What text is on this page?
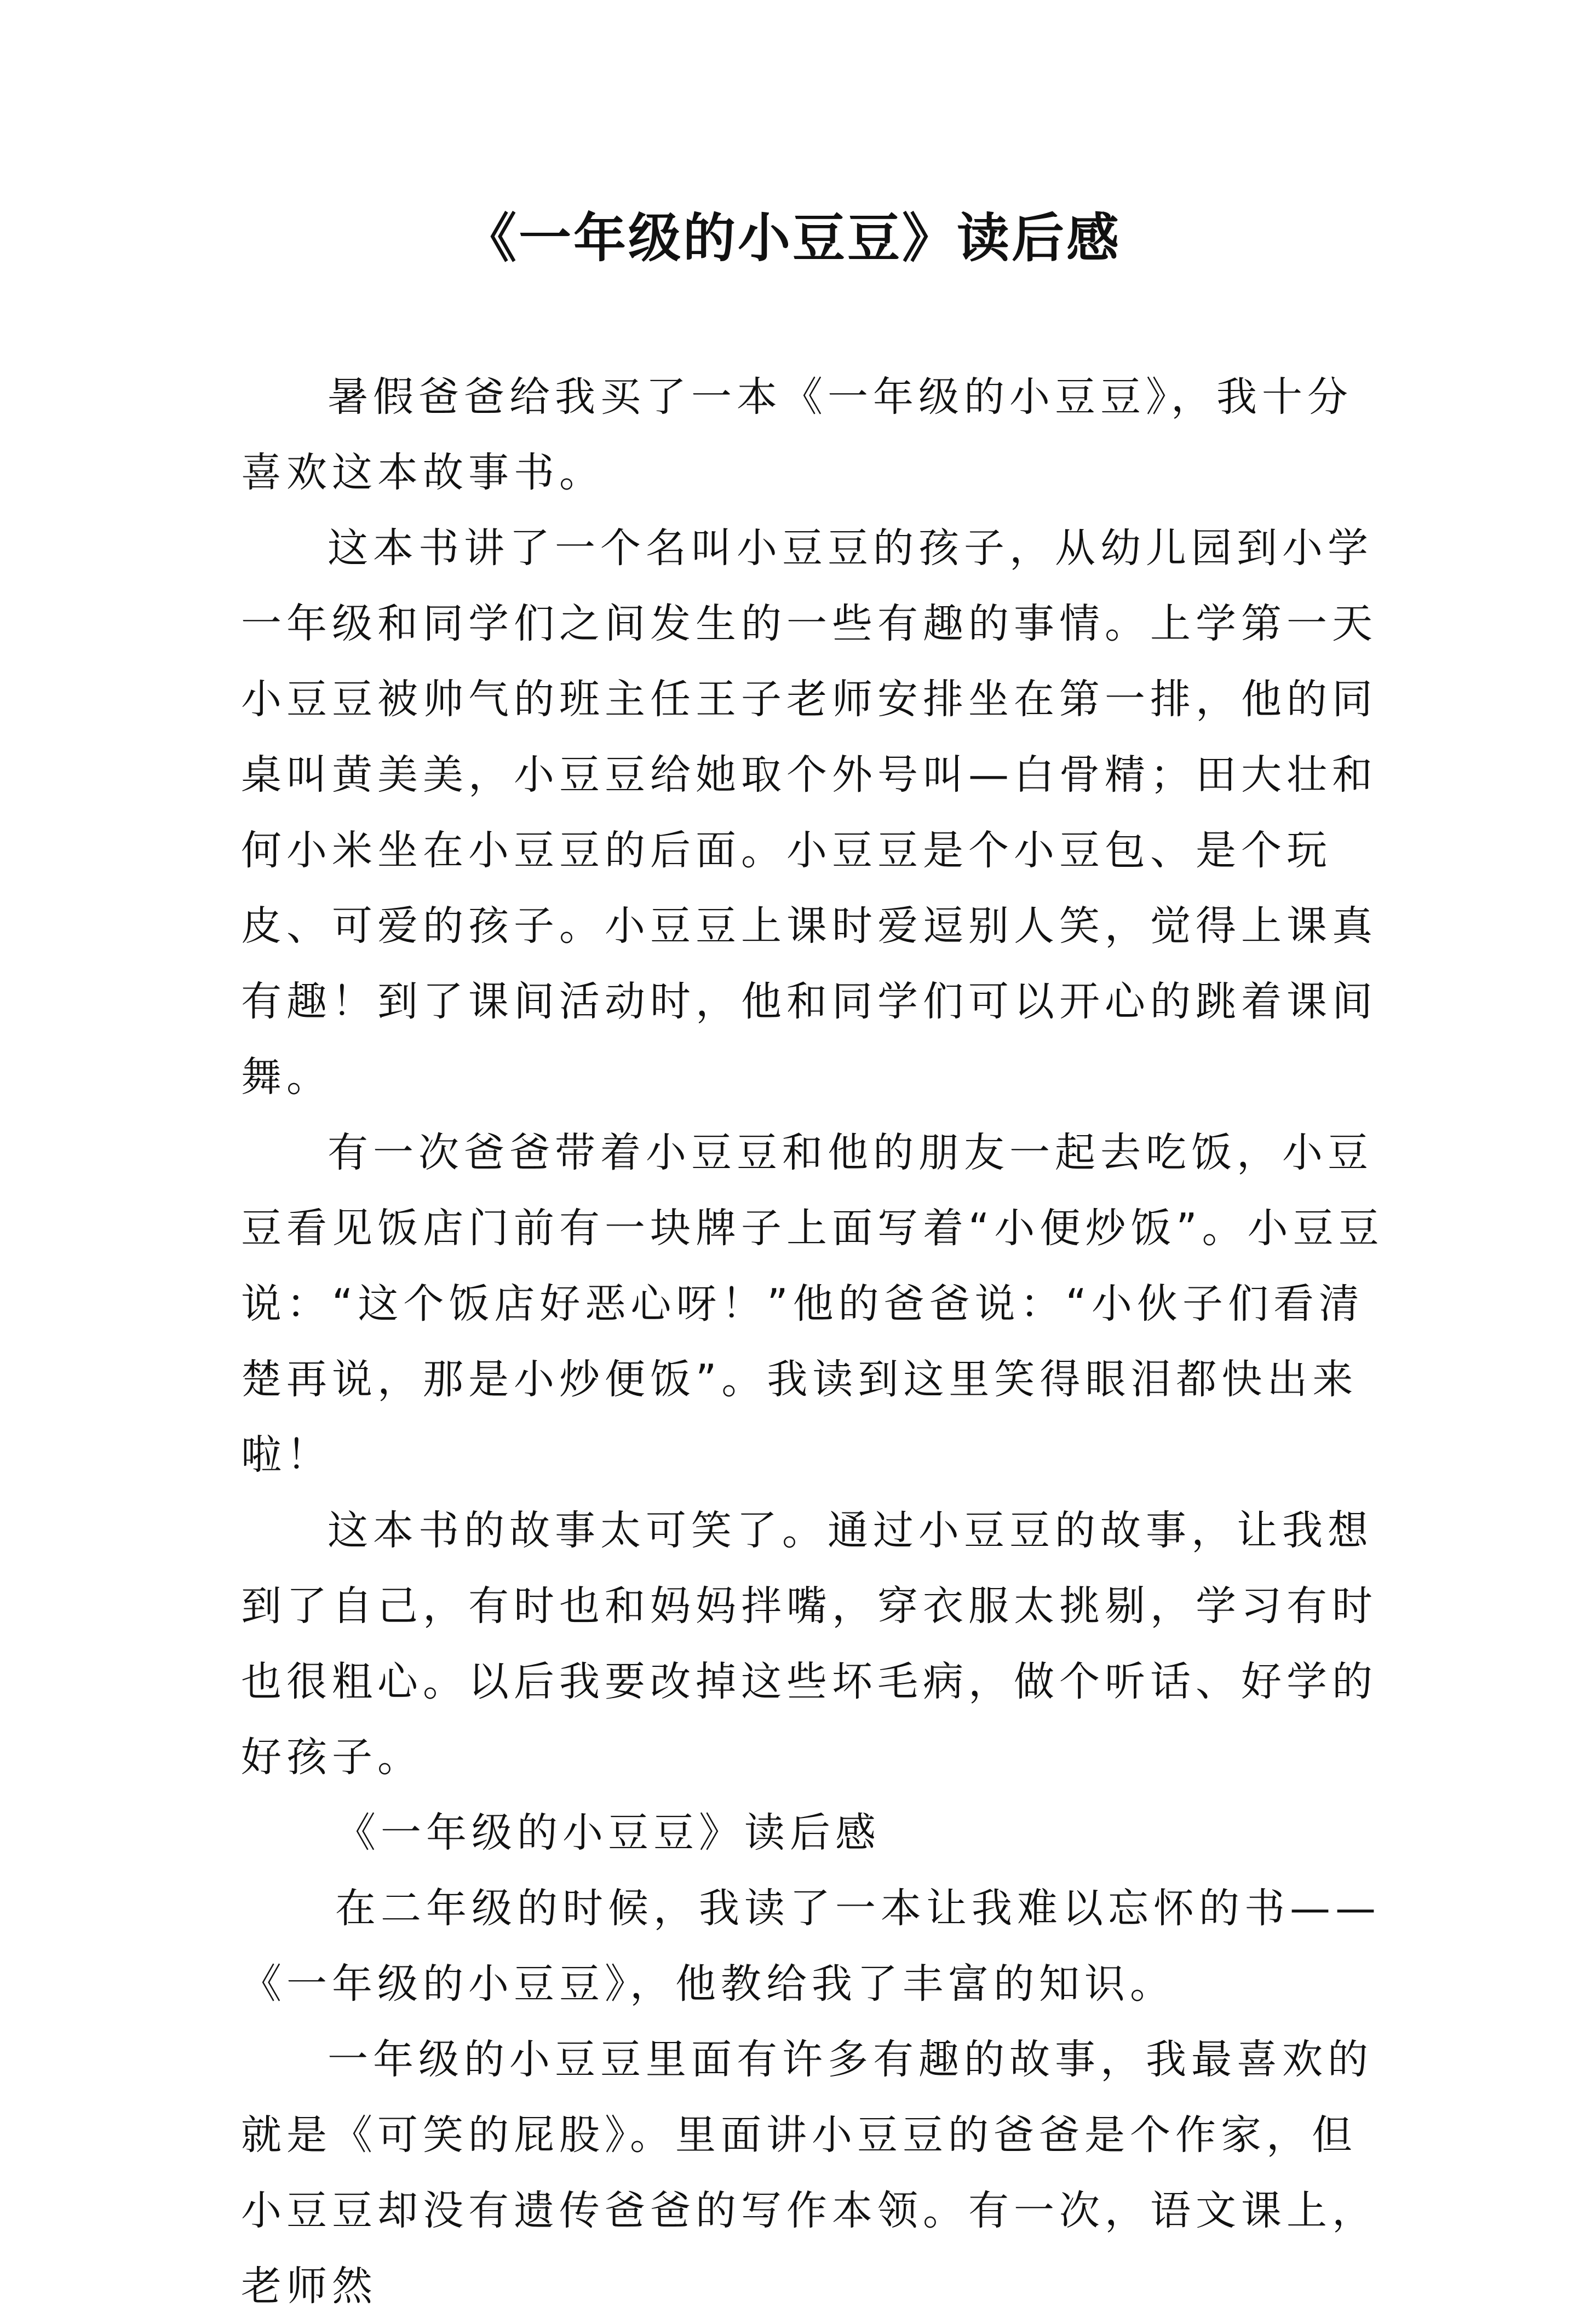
《一年级的小豆豆》读后感

暑假爸爸给我买了一本《一年级的小豆豆》，我十分喜欢这本故事书。

这本书讲了一个名叫小豆豆的孩子，从幼儿园到小学一年级和同学们之间发生的一些有趣的事情。上学第一天小豆豆被帅气的班主任王子老师安排坐在第一排，他的同桌叫黄美美，小豆豆给她取个外号叫—白骨精；田大壮和何小米坐在小豆豆的后面。小豆豆是个小豆包、是个玩皮、可爱的孩子。小豆豆上课时爱逗别人笑，觉得上课真有趣！到了课间活动时，他和同学们可以开心的跳着课间舞。

有一次爸爸带着小豆豆和他的朋友一起去吃饭，小豆豆看见饭店门前有一块牌子上面写着“小便炒饭”。小豆豆说：“这个饭店好恶心呀！”他的爸爸说：“小伙子们看清楚再说，那是小炒便饭”。我读到这里笑得眼泪都快出来啦！

这本书的故事太可笑了。通过小豆豆的故事，让我想到了自己，有时也和妈妈拌嘴，穿衣服太挑剔，学习有时也很粗心。以后我要改掉这些坏毛病，做个听话、好学的好孩子。

《一年级的小豆豆》读后感

在二年级的时候，我读了一本让我难以忘怀的书——《一年级的小豆豆》，他教给我了丰富的知识。

一年级的小豆豆里面有许多有趣的故事，我最喜欢的就是《可笑的屁股》。里面讲小豆豆的爸爸是个作家，但小豆豆却没有遗传爸爸的写作本领。有一次，语文课上，老师然
